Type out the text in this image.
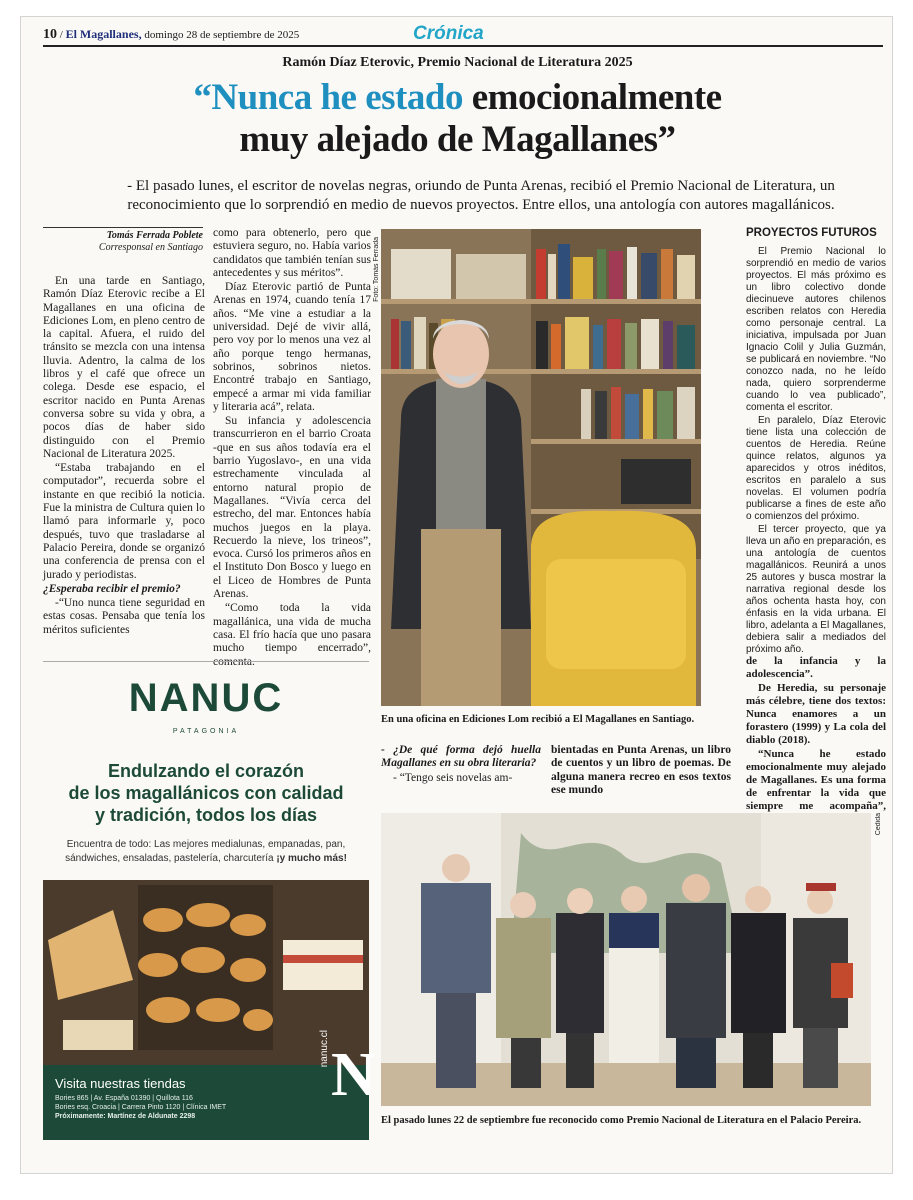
10 / El Magallanes, domingo 28 de septiembre de 2025	Crónica
Ramón Díaz Eterovic, Premio Nacional de Literatura 2025
“Nunca he estado emocionalmente
muy alejado de Magallanes”
- El pasado lunes, el escritor de novelas negras, oriundo de Punta Arenas, recibió el Premio Nacional de Literatura, un reconocimiento que lo sorprendió en medio de nuevos proyectos. Entre ellos, una antología con autores magallánicos.
Tomás Ferrada Poblete
Corresponsal en Santiago

En una tarde en Santiago, Ramón Díaz Eterovic recibe a El Magallanes en una oficina de Ediciones Lom, en pleno centro de la capital. Afuera, el ruido del tránsito se mezcla con una intensa lluvia. Adentro, la calma de los libros y el café que ofrece un colega. Desde ese espacio, el escritor nacido en Punta Arenas conversa sobre su vida y obra, a pocos días de haber sido distinguido con el Premio Nacional de Literatura 2025.

“Estaba trabajando en el computador”, recuerda sobre el instante en que recibió la noticia. Fue la ministra de Cultura quien lo llamó para informarle y, poco después, tuvo que trasladarse al Palacio Pereira, donde se organizó una conferencia de prensa con el jurado y periodistas.

¿Esperaba recibir el premio?

-“Uno nunca tiene seguridad en estas cosas. Pensaba que tenía los méritos suficientes

como para obtenerlo, pero que estuviera seguro, no. Había varios candidatos que también tenían sus antecedentes y sus méritos”.

Díaz Eterovic partió de Punta Arenas en 1974, cuando tenía 17 años. “Me vine a estudiar a la universidad. Dejé de vivir allá, pero voy por lo menos una vez al año porque tengo hermanas, sobrinos, sobrinos nietos. Encontré trabajo en Santiago, empecé a armar mi vida familiar y literaria acá”, relata.

Su infancia y adolescencia transcurrieron en el barrio Croata -que en sus años todavía era el barrio Yugoslavo-, en una vida estrechamente vinculada al entorno natural propio de Magallanes. “Vivía cerca del estrecho, del mar. Entonces había muchos juegos en la playa. Recuerdo la nieve, los trineos”, evoca. Cursó los primeros años en el Instituto Don Bosco y luego en el Liceo de Hombres de Punta Arenas.

“Como toda la vida magallánica, una vida de mucha casa. El frío hacía que uno pasara mucho tiempo encerrado”, comenta.

Foto: Tomás Ferrada
En una oficina en Ediciones Lom recibió a El Magallanes en Santiago.

PROYECTOS FUTUROS

El Premio Nacional lo sorprendió en medio de varios proyectos. El más próximo es un libro colectivo donde diecinueve autores chilenos escriben relatos con Heredia como personaje central. La iniciativa, impulsada por Juan Ignacio Colil y Julia Guzmán, se publicará en noviembre. “No conozco nada, no he leído nada, quiero sorprenderme cuando lo vea publicado”, comenta el escritor.

En paralelo, Díaz Eterovic tiene lista una colección de cuentos de Heredia. Reúne quince relatos, algunos ya aparecidos y otros inéditos, escritos en paralelo a sus novelas. El volumen podría publicarse a fines de este año o comienzos del próximo.

El tercer proyecto, que ya lleva un año en preparación, es una antología de cuentos magallánicos. Reunirá a unos 25 autores y busca mostrar la narrativa regional desde los años ochenta hasta hoy, con énfasis en la vida urbana. El libro, adelanta a El Magallanes, debiera salir a mediados del próximo año.

de la infancia y la adolescencia”.

De Heredia, su personaje más célebre, tiene dos textos: Nunca enamores a un forastero (1999) y La cola del diablo (2018).

“Nunca he estado emocionalmente muy alejado de Magallanes. Es una forma de enfrentar la vida que siempre me acompaña”,

- ¿De qué forma dejó huella Magallanes en su obra literaria?

- “Tengo seis novelas am-

bientadas en Punta Arenas, un libro de cuentos y un libro de poemas. De alguna manera recreo en esos textos ese mundo

Cedida
El pasado lunes 22 de septiembre fue reconocido como Premio Nacional de Literatura en el Palacio Pereira.
NANUC
PATAGONIA
Endulzando el corazón
de los magallánicos con calidad
y tradición, todos los días
Encuentra de todo: Las mejores medialunas, empanadas, pan, sándwiches, ensaladas, pastelería, charcutería ¡y mucho más!
Visita nuestras tiendas
Bories 865 | Av. España 01390 | Quillota 116
Bories esq. Croacia | Carrera Pinto 1120 | Clínica IMET
Próximamente: Martínez de Aldunate 2298
nanuc.cl N
